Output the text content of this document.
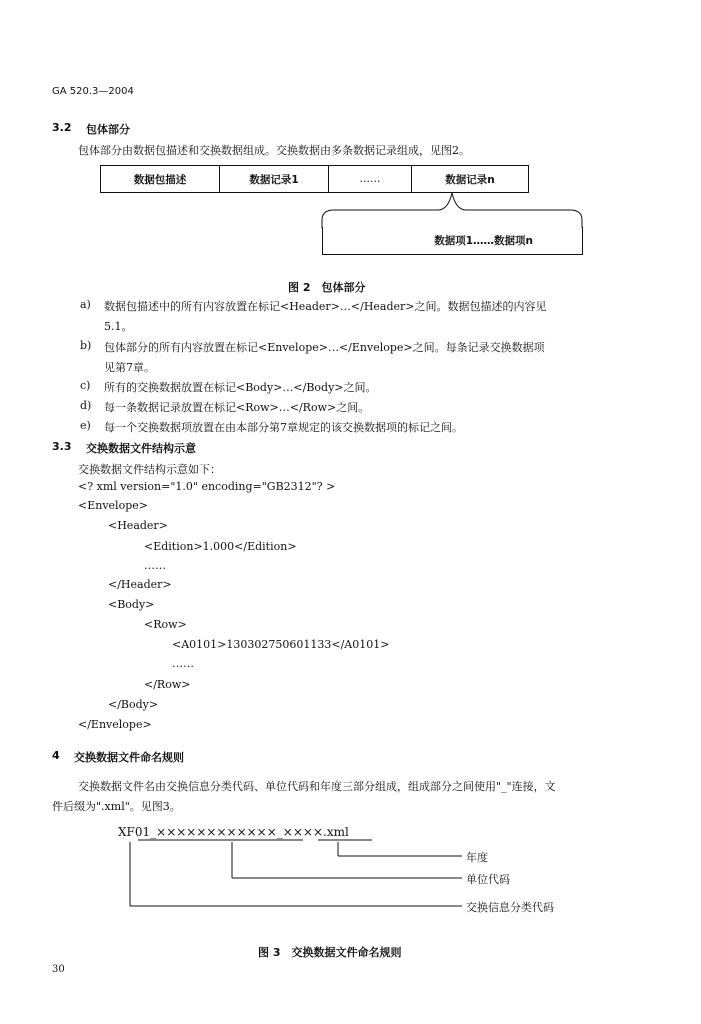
GA 520.3—2004
3.2 包体部分
包体部分由数据包描述和交换数据组成。交换数据由多条数据记录组成，见图2。
数据包描述	数据记录1	……	数据记录n
数据项1……数据项n
图 2　包体部分
a) 数据包描述中的所有内容放置在标记<Header>…</Header>之间。数据包描述的内容见
5.1。
b) 包体部分的所有内容放置在标记<Envelope>…</Envelope>之间。每条记录交换数据项
见第7章。
c) 所有的交换数据放置在标记<Body>…</Body>之间。
d) 每一条数据记录放置在标记<Row>…</Row>之间。
e) 每一个交换数据项放置在由本部分第7章规定的该交换数据项的标记之间。
3.3 交换数据文件结构示意
交换数据文件结构示意如下：
<? xml version="1.0" encoding="GB2312"? >
<Envelope>
<Header>
<Edition>1.000</Edition>
……
</Header>
<Body>
<Row>
<A0101>130302750601133</A0101>
……
</Row>
</Body>
</Envelope>
4 交换数据文件命名规则
交换数据文件名由交换信息分类代码、单位代码和年度三部分组成，组成部分之间使用"_"连接，文
件后缀为".xml"。见图3。
XF01_××××××××××××_××××.xml
年度
单位代码
交换信息分类代码
图 3　交换数据文件命名规则
30
